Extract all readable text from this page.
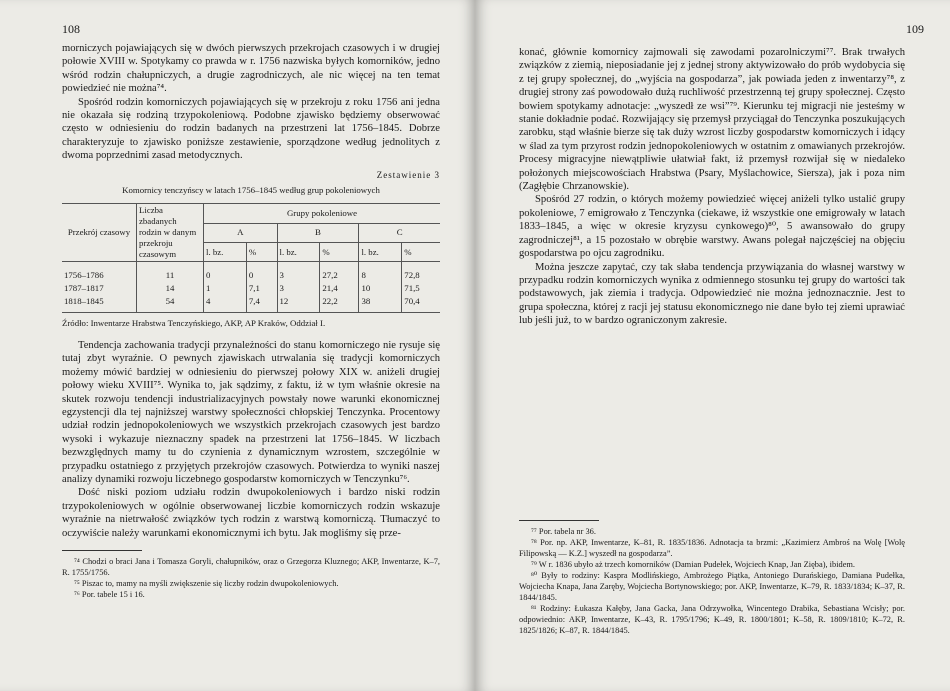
108

morniczych pojawiających się w dwóch pierwszych przekrojach czasowych i w drugiej połowie XVIII w. Spotykamy co prawda w r. 1756 nazwiska byłych komorników, jedno wśród rodzin chałupniczych, a drugie zagrodniczych, ale nic więcej na ten temat powiedzieć nie można⁷⁴.

Spośród rodzin komorniczych pojawiających się w przekroju z roku 1756 ani jedna nie okazała się rodziną trzypokoleniową. Podobne zjawisko będziemy obserwować często w odniesieniu do rodzin badanych na przestrzeni lat 1756–1845. Dobrze charakteryzuje to zjawisko poniższe zestawienie, sporządzone według jednolitych z dwoma poprzednimi zasad metodycznych.

Zestawienie 3
Komornicy tenczyńscy w latach 1756–1845 według grup pokoleniowych
Przekrój czasowy	Liczba zbadanych rodzin w danym przekroju czasowym	Grupy pokoleniowe					
		A		B		C	
		l. bz.	%	l. bz.	%	l. bz.	%
1756–1786	11	0	0	3	27,2	8	72,8
1787–1817	14	1	7,1	3	21,4	10	71,5
1818–1845	54	4	7,4	12	22,2	38	70,4
Źródło: Inwentarze Hrabstwa Tenczyńskiego, AKP, AP Kraków, Oddział I.

Tendencja zachowania tradycji przynależności do stanu komorniczego nie rysuje się tutaj zbyt wyraźnie. O pewnych zjawiskach utrwalania się tradycji komorniczych możemy mówić bardziej w odniesieniu do pierwszej połowy XIX w. aniżeli drugiej połowy wieku XVIII⁷⁵. Wynika to, jak sądzimy, z faktu, iż w tym właśnie okresie na skutek rozwoju tendencji industrializacyjnych powstały nowe warunki ekonomicznej egzystencji dla tej najniższej warstwy społeczności chłopskiej Tenczynka. Procentowy udział rodzin jednopokoleniowych we wszystkich przekrojach czasowych jest bardzo wysoki i wykazuje nieznaczny spadek na przestrzeni lat 1756–1845. W liczbach bezwzględnych mamy tu do czynienia z dynamicznym wzrostem, szczególnie w przypadku ostatniego z przyjętych przekrojów czasowych. Potwierdza to wyniki naszej analizy dynamiki rozwoju liczebnego gospodarstw komorniczych w Tenczynku⁷⁶.

Dość niski poziom udziału rodzin dwupokoleniowych i bardzo niski rodzin trzypokoleniowych w ogólnie obserwowanej liczbie komorniczych rodzin wskazuje wyraźnie na nietrwałość związków tych rodzin z warstwą komorniczą. Tłumaczyć to oczywiście należy warunkami ekonomicznymi ich bytu. Jak mogliśmy się prze-

⁷⁴ Chodzi o braci Jana i Tomasza Goryli, chałupników, oraz o Grzegorza Kluznego; AKP, Inwentarze, K–7, R. 1755/1756.

⁷⁵ Piszac to, mamy na myśli zwiększenie się liczby rodzin dwupokoleniowych.

⁷⁶ Por. tabele 15 i 16.

109

konać, głównie komornicy zajmowali się zawodami pozarolniczymi⁷⁷. Brak trwałych związków z ziemią, nieposiadanie jej z jednej strony aktywizowało do prób wydobycia się z tej grupy społecznej, do „wyjścia na gospodarza”, jak powiada jeden z inwentarzy⁷⁸, z drugiej strony zaś powodowało dużą ruchliwość przestrzenną tej grupy społecznej. Często bowiem spotykamy adnotacje: „wyszedł ze wsi”⁷⁹. Kierunku tej migracji nie jesteśmy w stanie dokładnie podać. Rozwijający się przemysł przyciągał do Tenczynka poszukujących zarobku, stąd właśnie bierze się tak duży wzrost liczby gospodarstw komorniczych i idący w ślad za tym przyrost rodzin jednopokoleniowych w ostatnim z omawianych przekrojów. Procesy migracyjne niewątpliwie ułatwiał fakt, iż przemysł rozwijał się w niedaleko położonych miejscowościach Hrabstwa (Psary, Myślachowice, Siersza), jak i poza nim (Zagłębie Chrzanowskie).

Spośród 27 rodzin, o których możemy powiedzieć więcej aniżeli tylko ustalić grupy pokoleniowe, 7 emigrowało z Tenczynka (ciekawe, iż wszystkie one emigrowały w latach 1833–1845, a więc w okresie kryzysu cynkowego)⁸⁰, 5 awansowało do grupy zagrodniczej⁸¹, a 15 pozostało w obrębie warstwy. Awans polegał najczęściej na objęciu gospodarstwa po ojcu zagrodniku.

Można jeszcze zapytać, czy tak słaba tendencja przywiązania do własnej warstwy w przypadku rodzin komorniczych wynika z odmiennego stosunku tej grupy do wartości tak podstawowych, jak ziemia i tradycja. Odpowiedzieć nie można jednoznacznie. Jest to grupa społeczna, której z racji jej statusu ekonomicznego nie dane było tej ziemi uprawiać lub jeśli już, to w bardzo ograniczonym zakresie.

⁷⁷ Por. tabela nr 36.

⁷⁸ Por. np. AKP, Inwentarze, K–81, R. 1835/1836. Adnotacja ta brzmi: „Kazimierz Ambroś na Wolę [Wolę Filipowską — K.Z.] wyszedł na gospodarza”.

⁷⁹ W r. 1836 ubyło aż trzech komorników (Damian Pudełek, Wojciech Knap, Jan Zięba), ibidem.

⁸⁰ Były to rodziny: Kaspra Modlińskiego, Ambrożego Piątka, Antoniego Durańskiego, Damiana Pudełka, Wojciecha Knapa, Jana Zaręby, Wojciecha Bortynowskiego; por. AKP, Inwentarze, K–79, R. 1833/1834; K–37, R. 1844/1845.

⁸¹ Rodziny: Łukasza Kałęby, Jana Gacka, Jana Odrzywołka, Wincentego Drabika, Sebastiana Wcisły; por. odpowiednio: AKP, Inwentarze, K–43, R. 1795/1796; K–49, R. 1800/1801; K–58, R. 1809/1810; K–72, R. 1825/1826; K–87, R. 1844/1845.
